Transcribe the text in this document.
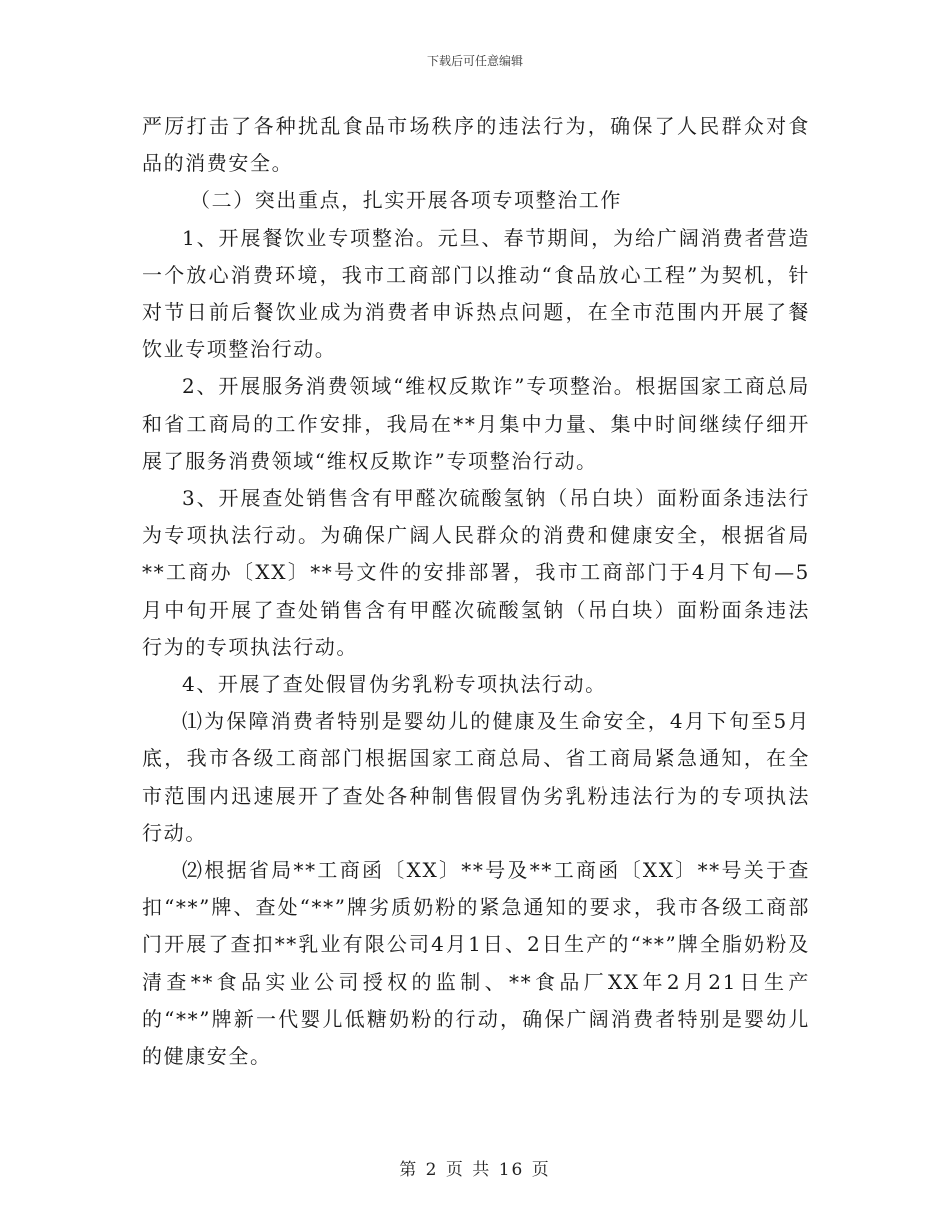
下载后可任意编辑

严厉打击了各种扰乱食品市场秩序的违法行为，确保了人民群众对食品的消费安全。

（二）突出重点，扎实开展各项专项整治工作

1、开展餐饮业专项整治。元旦、春节期间，为给广阔消费者营造一个放心消费环境，我市工商部门以推动“食品放心工程”为契机，针对节日前后餐饮业成为消费者申诉热点问题，在全市范围内开展了餐饮业专项整治行动。

2、开展服务消费领域“维权反欺诈”专项整治。根据国家工商总局和省工商局的工作安排，我局在**月集中力量、集中时间继续仔细开展了服务消费领域“维权反欺诈”专项整治行动。

3、开展查处销售含有甲醛次硫酸氢钠（吊白块）面粉面条违法行为专项执法行动。为确保广阔人民群众的消费和健康安全，根据省局**工商办〔XX〕**号文件的安排部署，我市工商部门于4月下旬—5月中旬开展了查处销售含有甲醛次硫酸氢钠（吊白块）面粉面条违法行为的专项执法行动。

4、开展了查处假冒伪劣乳粉专项执法行动。

⑴为保障消费者特别是婴幼儿的健康及生命安全，4月下旬至5月底，我市各级工商部门根据国家工商总局、省工商局紧急通知，在全市范围内迅速展开了查处各种制售假冒伪劣乳粉违法行为的专项执法行动。

⑵根据省局**工商函〔XX〕**号及**工商函〔XX〕**号关于查扣“**”牌、查处“**”牌劣质奶粉的紧急通知的要求，我市各级工商部门开展了查扣**乳业有限公司4月1日、2日生产的“**”牌全脂奶粉及清查**食品实业公司授权的监制、**食品厂XX年2月21日生产的“**”牌新一代婴儿低糖奶粉的行动，确保广阔消费者特别是婴幼儿的健康安全。

第 2 页 共 16 页
